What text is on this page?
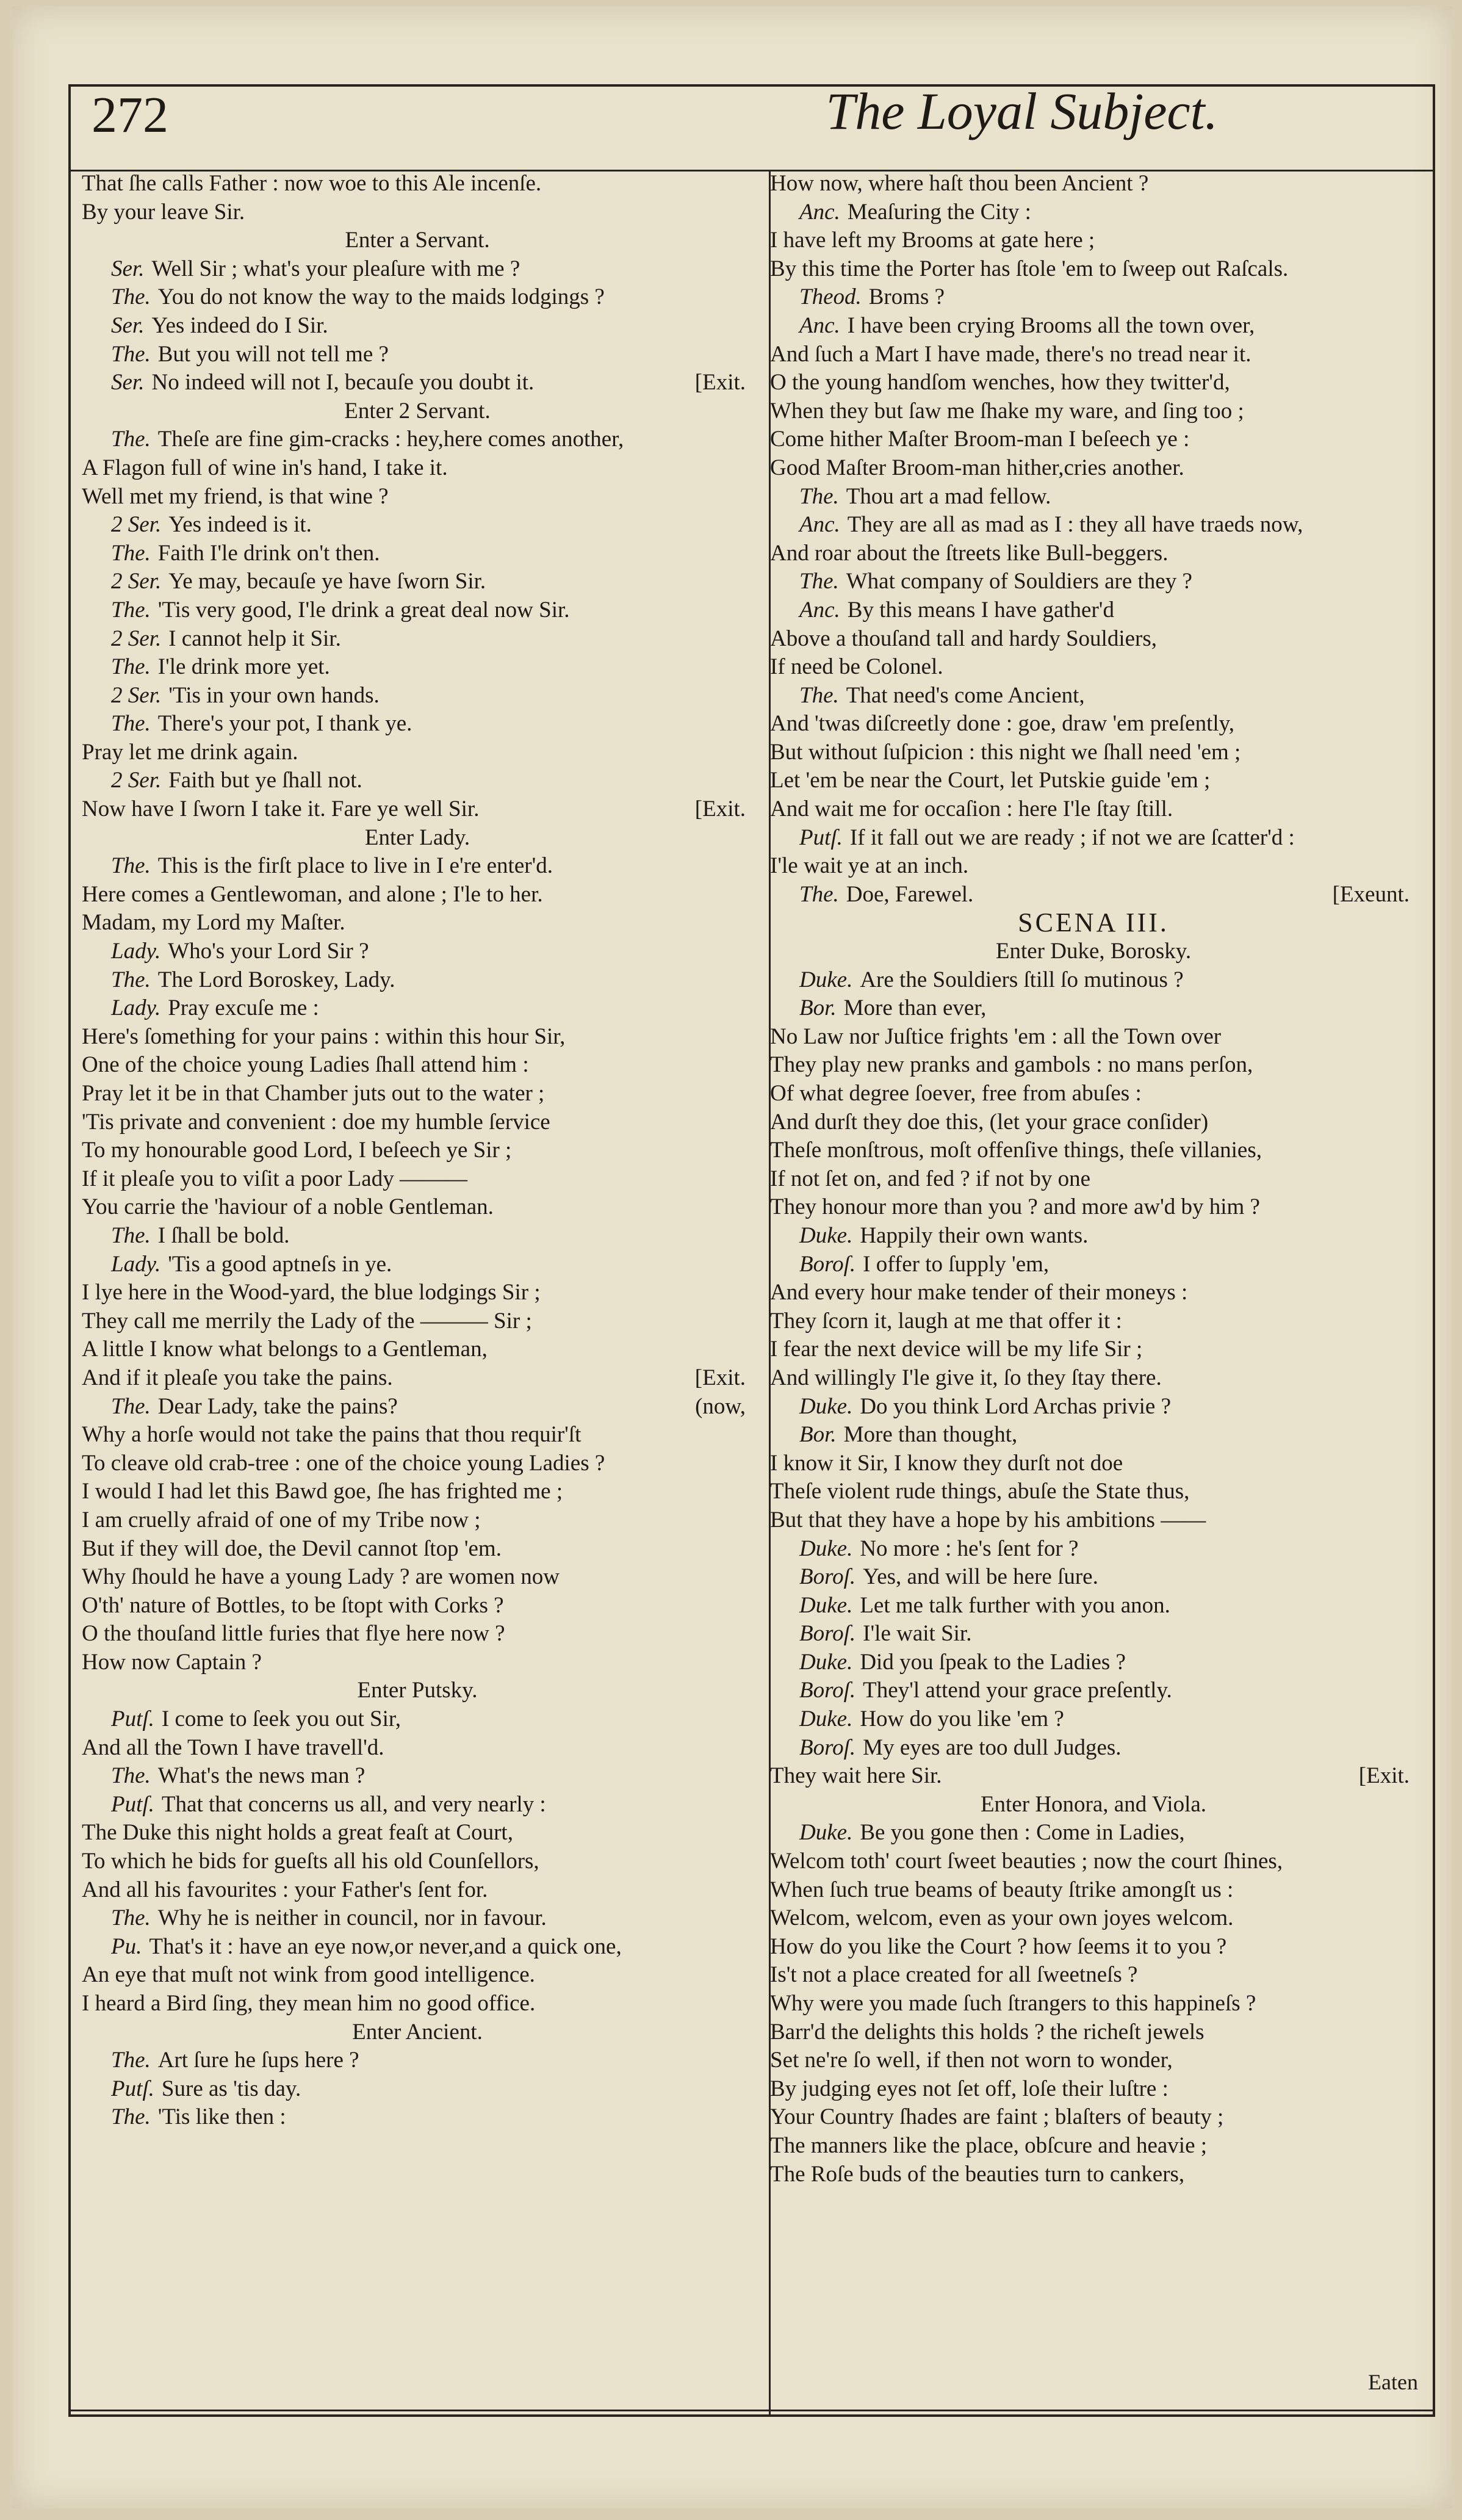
272	The Loyal Subject.
That ſhe calls Father : now woe to this Ale incenſe.
By your leave Sir.
Enter a Servant.
Ser. Well Sir ; what's your pleaſure with me ?
The. You do not know the way to the maids lodgings ?
Ser. Yes indeed do I Sir.
The. But you will not tell me ?
Ser. No indeed will not I, becauſe you doubt it.	[Exit.
Enter 2 Servant.
The. Theſe are fine gim-cracks : hey,here comes another,
A Flagon full of wine in's hand, I take it.
Well met my friend, is that wine ?
2 Ser. Yes indeed is it.
The. Faith I'le drink on't then.
2 Ser. Ye may, becauſe ye have ſworn Sir.
The. 'Tis very good, I'le drink a great deal now Sir.
2 Ser. I cannot help it Sir.
The. I'le drink more yet.
2 Ser. 'Tis in your own hands.
The. There's your pot, I thank ye.
Pray let me drink again.
2 Ser. Faith but ye ſhall not.
Now have I ſworn I take it. Fare ye well Sir.	[Exit.
Enter Lady.
The. This is the firſt place to live in I e're enter'd.
Here comes a Gentlewoman, and alone ; I'le to her.
Madam, my Lord my Maſter.
Lady. Who's your Lord Sir ?
The. The Lord Boroskey, Lady.
Lady. Pray excuſe me :
Here's ſomething for your pains : within this hour Sir,
One of the choice young Ladies ſhall attend him :
Pray let it be in that Chamber juts out to the water ;
'Tis private and convenient : doe my humble ſervice
To my honourable good Lord, I beſeech ye Sir ;
If it pleaſe you to viſit a poor Lady ———
You carrie the 'haviour of a noble Gentleman.
The. I ſhall be bold.
Lady. 'Tis a good aptneſs in ye.
I lye here in the Wood-yard, the blue lodgings Sir ;
They call me merrily the Lady of the ——— Sir ;
A little I know what belongs to a Gentleman,
And if it pleaſe you take the pains.	[Exit.
The. Dear Lady, take the pains?	(now,
Why a horſe would not take the pains that thou requir'ſt
To cleave old crab-tree : one of the choice young Ladies ?
I would I had let this Bawd goe, ſhe has frighted me ;
I am cruelly afraid of one of my Tribe now ;
But if they will doe, the Devil cannot ſtop 'em.
Why ſhould he have a young Lady ? are women now
O'th' nature of Bottles, to be ſtopt with Corks ?
O the thouſand little furies that flye here now ?
How now Captain ?
Enter Putsky.
Putſ. I come to ſeek you out Sir,
And all the Town I have travell'd.
The. What's the news man ?
Putſ. That that concerns us all, and very nearly :
The Duke this night holds a great feaſt at Court,
To which he bids for gueſts all his old Counſellors,
And all his favourites : your Father's ſent for.
The. Why he is neither in council, nor in favour.
Pu. That's it : have an eye now,or never,and a quick one,
An eye that muſt not wink from good intelligence.
I heard a Bird ſing, they mean him no good office.
Enter Ancient.
The. Art ſure he ſups here ?
Putſ. Sure as 'tis day.
The. 'Tis like then :
How now, where haſt thou been Ancient ?
Anc. Meaſuring the City :
I have left my Brooms at gate here ;
By this time the Porter has ſtole 'em to ſweep out Raſcals.
Theod. Broms ?
Anc. I have been crying Brooms all the town over,
And ſuch a Mart I have made, there's no tread near it.
O the young handſom wenches, how they twitter'd,
When they but ſaw me ſhake my ware, and ſing too ;
Come hither Maſter Broom-man I beſeech ye :
Good Maſter Broom-man hither,cries another.
The. Thou art a mad fellow.
Anc. They are all as mad as I : they all have traeds now,
And roar about the ſtreets like Bull-beggers.
The. What company of Souldiers are they ?
Anc. By this means I have gather'd
Above a thouſand tall and hardy Souldiers,
If need be Colonel.
The. That need's come Ancient,
And 'twas diſcreetly done : goe, draw 'em preſently,
But without ſuſpicion : this night we ſhall need 'em ;
Let 'em be near the Court, let Putskie guide 'em ;
And wait me for occaſion : here I'le ſtay ſtill.
Putſ. If it fall out we are ready ; if not we are ſcatter'd :
I'le wait ye at an inch.
The. Doe, Farewel.	[Exeunt.
SCENA III.
Enter Duke, Borosky.
Duke. Are the Souldiers ſtill ſo mutinous ?
Bor. More than ever,
No Law nor Juſtice frights 'em : all the Town over
They play new pranks and gambols : no mans perſon,
Of what degree ſoever, free from abuſes :
And durſt they doe this, (let your grace conſider)
Theſe monſtrous, moſt offenſive things, theſe villanies,
If not ſet on, and fed ? if not by one
They honour more than you ? and more aw'd by him ?
Duke. Happily their own wants.
Boroſ. I offer to ſupply 'em,
And every hour make tender of their moneys :
They ſcorn it, laugh at me that offer it :
I fear the next device will be my life Sir ;
And willingly I'le give it, ſo they ſtay there.
Duke. Do you think Lord Archas privie ?
Bor. More than thought,
I know it Sir, I know they durſt not doe
Theſe violent rude things, abuſe the State thus,
But that they have a hope by his ambitions ——
Duke. No more : he's ſent for ?
Boroſ. Yes, and will be here ſure.
Duke. Let me talk further with you anon.
Boroſ. I'le wait Sir.
Duke. Did you ſpeak to the Ladies ?
Boroſ. They'l attend your grace preſently.
Duke. How do you like 'em ?
Boroſ. My eyes are too dull Judges.
They wait here Sir.	[Exit.
Enter Honora, and Viola.
Duke. Be you gone then : Come in Ladies,
Welcom toth' court ſweet beauties ; now the court ſhines,
When ſuch true beams of beauty ſtrike amongſt us :
Welcom, welcom, even as your own joyes welcom.
How do you like the Court ? how ſeems it to you ?
Is't not a place created for all ſweetneſs ?
Why were you made ſuch ſtrangers to this happineſs ?
Barr'd the delights this holds ? the richeſt jewels
Set ne're ſo well, if then not worn to wonder,
By judging eyes not ſet off, loſe their luſtre :
Your Country ſhades are faint ; blaſters of beauty ;
The manners like the place, obſcure and heavie ;
The Roſe buds of the beauties turn to cankers,
Eaten
